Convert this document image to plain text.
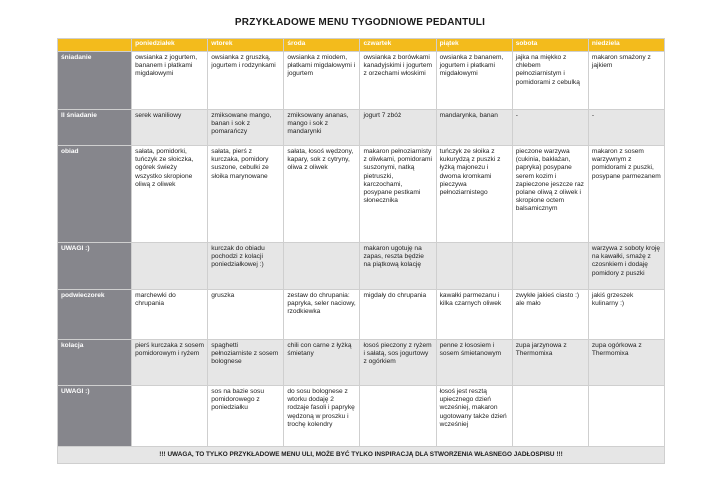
PRZYKŁADOWE MENU TYGODNIOWE PEDANTULI
	poniedziałek	wtorek	środa	czwartek	piątek	sobota	niedziela
śniadanie	owsianka z jogurtem, bananem i płatkami migdałowymi	owsianka z gruszką, jogurtem i rodzynkami	owsianka z miodem, płatkami migdałowymi i jogurtem	owsianka z borówkami kanadyjskimi i jogurtem z orzechami włoskimi	owsianka z bananem, jogurtem i płatkami migdałowymi	jajka na miękko z chlebem pełnoziarnistym i pomidorami z cebulką	makaron smażony z jajkiem
II śniadanie	serek waniliowy	zmiksowane mango, banan i sok z pomarańczy	zmiksowany ananas, mango i sok z mandarynki	jogurt 7 zbóż	mandarynka, banan	-	-
obiad	sałata, pomidorki, tuńczyk ze słoiczka, ogórek świeży wszystko skropione oliwą z oliwek	sałata, pierś z kurczaka, pomidory suszone, cebulki ze słoika marynowane	sałata, łosoś wędzony, kapary, sok z cytryny, oliwa z oliwek	makaron pełnoziarnisty z oliwkami, pomidorami suszonymi, natką pietruszki, karczochami, posypane pestkami słonecznika	tuńczyk ze słoika z kukurydzą z puszki z łyżką majonezu i dwoma kromkami pieczywa pełnoziarnistego	pieczone warzywa (cukinia, bakłażan, papryka) posypane serem kozim i zapieczone jeszcze raz polane oliwą z oliwek i skropione octem balsamicznym	makaron z sosem warzywnym z pomidorami z puszki, posypane parmezanem
UWAGI :)		kurczak do obiadu pochodzi z kolacji poniedziałkowej :)		makaron ugotuję na zapas, reszta będzie na piątkową kolację			warzywa z soboty kroję na kawałki, smażę z czosnkiem i dodaję pomidory z puszki
podwieczorek	marchewki do chrupania	gruszka	zestaw do chrupania: papryka, seler naciowy, rzodkiewka	migdały do chrupania	kawałki parmezanu i kilka czarnych oliwek	zwykłe jakieś ciasto :) ale mało	jakiś grzeszek kulinarny :)
kolacja	pierś kurczaka z sosem pomidorowym i ryżem	spaghetti pełnoziarniste z sosem bolognese	chili con carne z łyżką śmietany	łosoś pieczony z ryżem i sałatą, sos jogurtowy z ogórkiem	penne z łososiem i sosem śmietanowym	zupa jarzynowa z Thermomixa	zupa ogórkowa z Thermomixa
UWAGI :)		sos na bazie sosu pomidorowego z poniedziałku	do sosu bolognese z wtorku dodaję 2 rodzaje fasoli i paprykę wędzoną w proszku i trochę kolendry		łosoś jest resztą upiecznego dzień wcześniej, makaron ugotowany także dzień wcześniej		
!!! UWAGA, TO TYLKO PRZYKŁADOWE MENU ULI, MOŻE BYĆ TYLKO INSPIRACJĄ DLA STWORZENIA WŁASNEGO JADŁOSPISU !!!							
